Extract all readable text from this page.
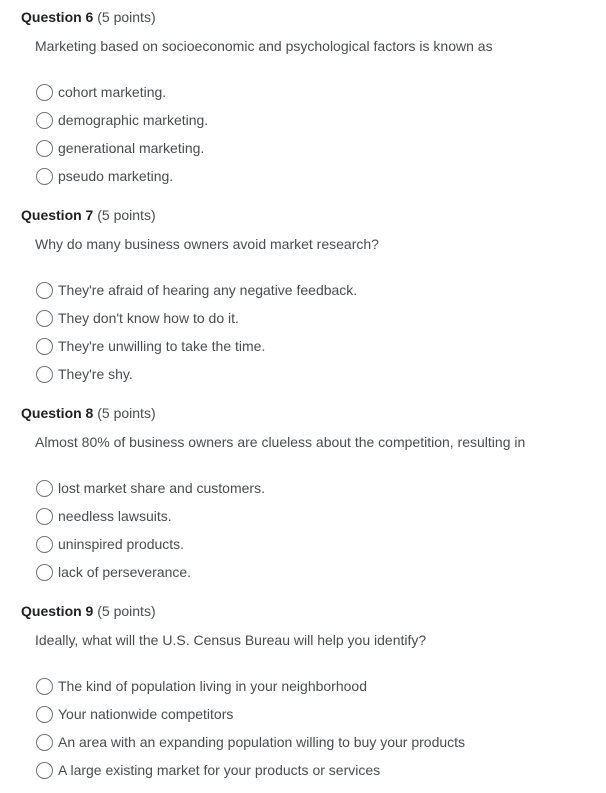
Question 6 (5 points)
Marketing based on socioeconomic and psychological factors is known as
cohort marketing.
demographic marketing.
generational marketing.
pseudo marketing.
Question 7 (5 points)
Why do many business owners avoid market research?
They're afraid of hearing any negative feedback.
They don't know how to do it.
They're unwilling to take the time.
They're shy.
Question 8 (5 points)
Almost 80% of business owners are clueless about the competition, resulting in
lost market share and customers.
needless lawsuits.
uninspired products.
lack of perseverance.
Question 9 (5 points)
Ideally, what will the U.S. Census Bureau will help you identify?
The kind of population living in your neighborhood
Your nationwide competitors
An area with an expanding population willing to buy your products
A large existing market for your products or services
